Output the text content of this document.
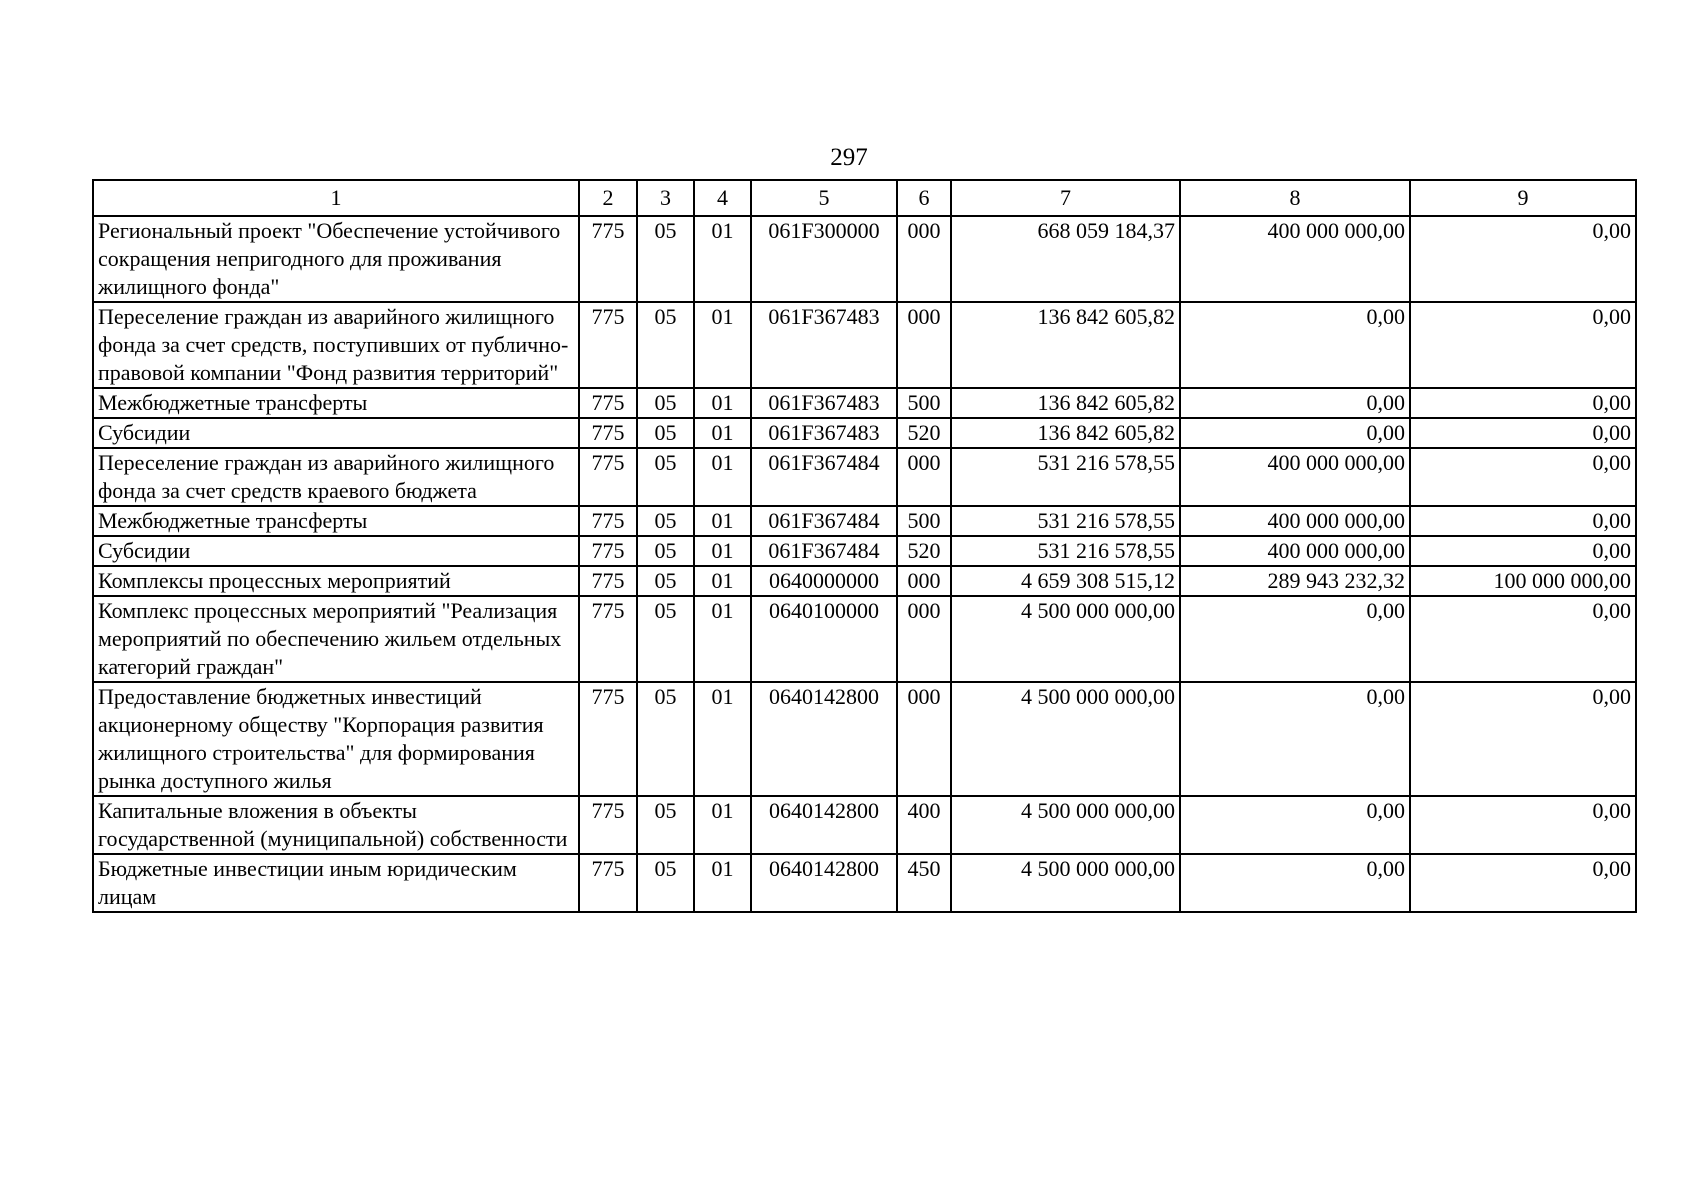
297
1	2	3	4	5	6	7	8	9
Региональный проект "Обеспечение устойчивого сокращения непригодного для проживания жилищного фонда"	775	05	01	061F300000	000	668 059 184,37	400 000 000,00	0,00
Переселение граждан из аварийного жилищного фонда за счет средств, поступивших от публично-правовой компании "Фонд развития территорий"	775	05	01	061F367483	000	136 842 605,82	0,00	0,00
Межбюджетные трансферты	775	05	01	061F367483	500	136 842 605,82	0,00	0,00
Субсидии	775	05	01	061F367483	520	136 842 605,82	0,00	0,00
Переселение граждан из аварийного жилищного фонда за счет средств краевого бюджета	775	05	01	061F367484	000	531 216 578,55	400 000 000,00	0,00
Межбюджетные трансферты	775	05	01	061F367484	500	531 216 578,55	400 000 000,00	0,00
Субсидии	775	05	01	061F367484	520	531 216 578,55	400 000 000,00	0,00
Комплексы процессных мероприятий	775	05	01	0640000000	000	4 659 308 515,12	289 943 232,32	100 000 000,00
Комплекс процессных мероприятий "Реализация мероприятий по обеспечению жильем отдельных категорий граждан"	775	05	01	0640100000	000	4 500 000 000,00	0,00	0,00
Предоставление бюджетных инвестиций акционерному обществу "Корпорация развития жилищного строительства" для формирования рынка доступного жилья	775	05	01	0640142800	000	4 500 000 000,00	0,00	0,00
Капитальные вложения в объекты государственной (муниципальной) собственности	775	05	01	0640142800	400	4 500 000 000,00	0,00	0,00
Бюджетные инвестиции иным юридическим лицам	775	05	01	0640142800	450	4 500 000 000,00	0,00	0,00
